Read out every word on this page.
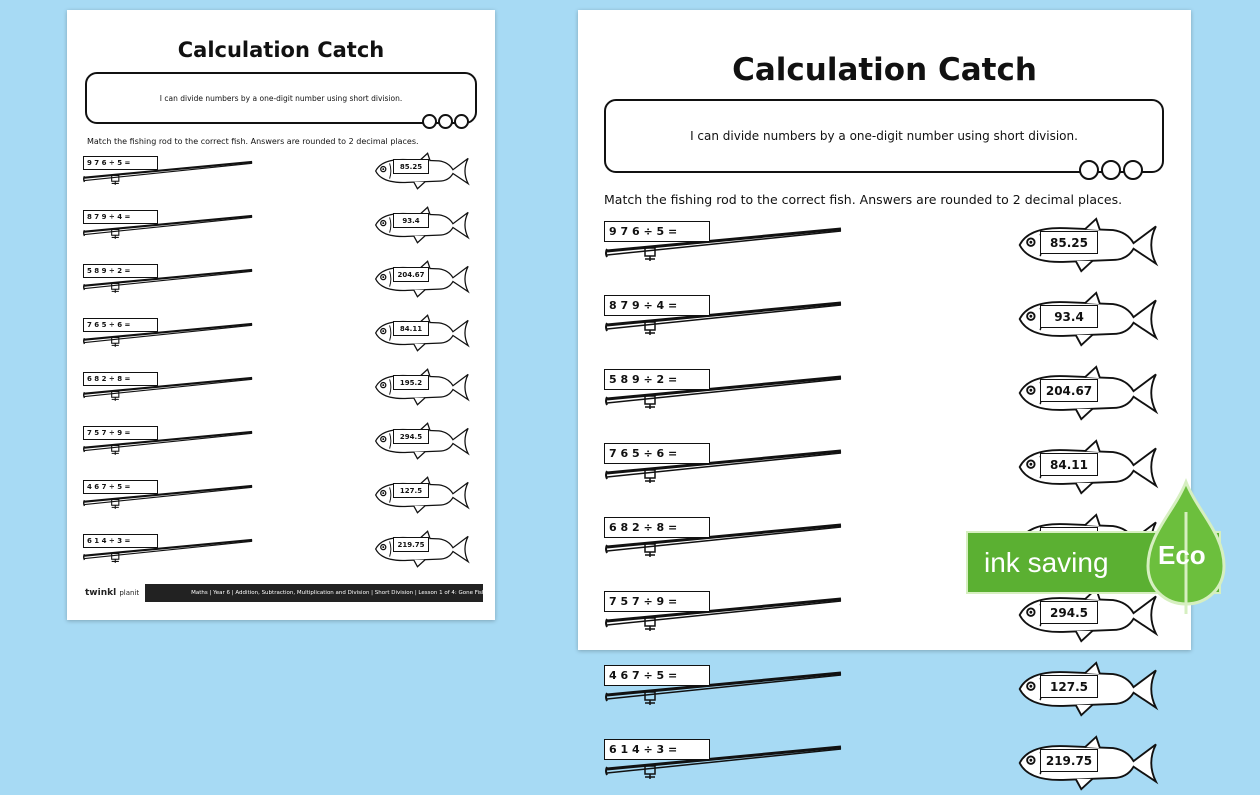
Calculation Catch
I can divide numbers by a one-digit number using short division.
Match the fishing rod to the correct fish. Answers are rounded to 2 decimal places.
9 7 6 ÷ 5 =	85.25
8 7 9 ÷ 4 =	93.4
5 8 9 ÷ 2 =	204.67
7 6 5 ÷ 6 =	84.11
6 8 2 ÷ 8 =	195.2
7 5 7 ÷ 9 =	294.5
4 6 7 ÷ 5 =	127.5
6 1 4 ÷ 3 =	219.75
twinkl
planit	Maths | Year 6 | Addition, Subtraction, Multiplication and Division | Short Division | Lesson 1 of 4: Gone Fishing
Calculation Catch
I can divide numbers by a one-digit number using short division.
Match the fishing rod to the correct fish. Answers are rounded to 2 decimal places.
9 7 6 ÷ 5 =
85.25
8 7 9 ÷ 4 =
93.4
5 8 9 ÷ 2 =
204.67
7 6 5 ÷ 6 =
84.11
6 8 2 ÷ 8 =
7 5 7 ÷ 9 =
294.5
4 6 7 ÷ 5 =
127.5
6 1 4 ÷ 3 =
219.75
ink saving Eco
